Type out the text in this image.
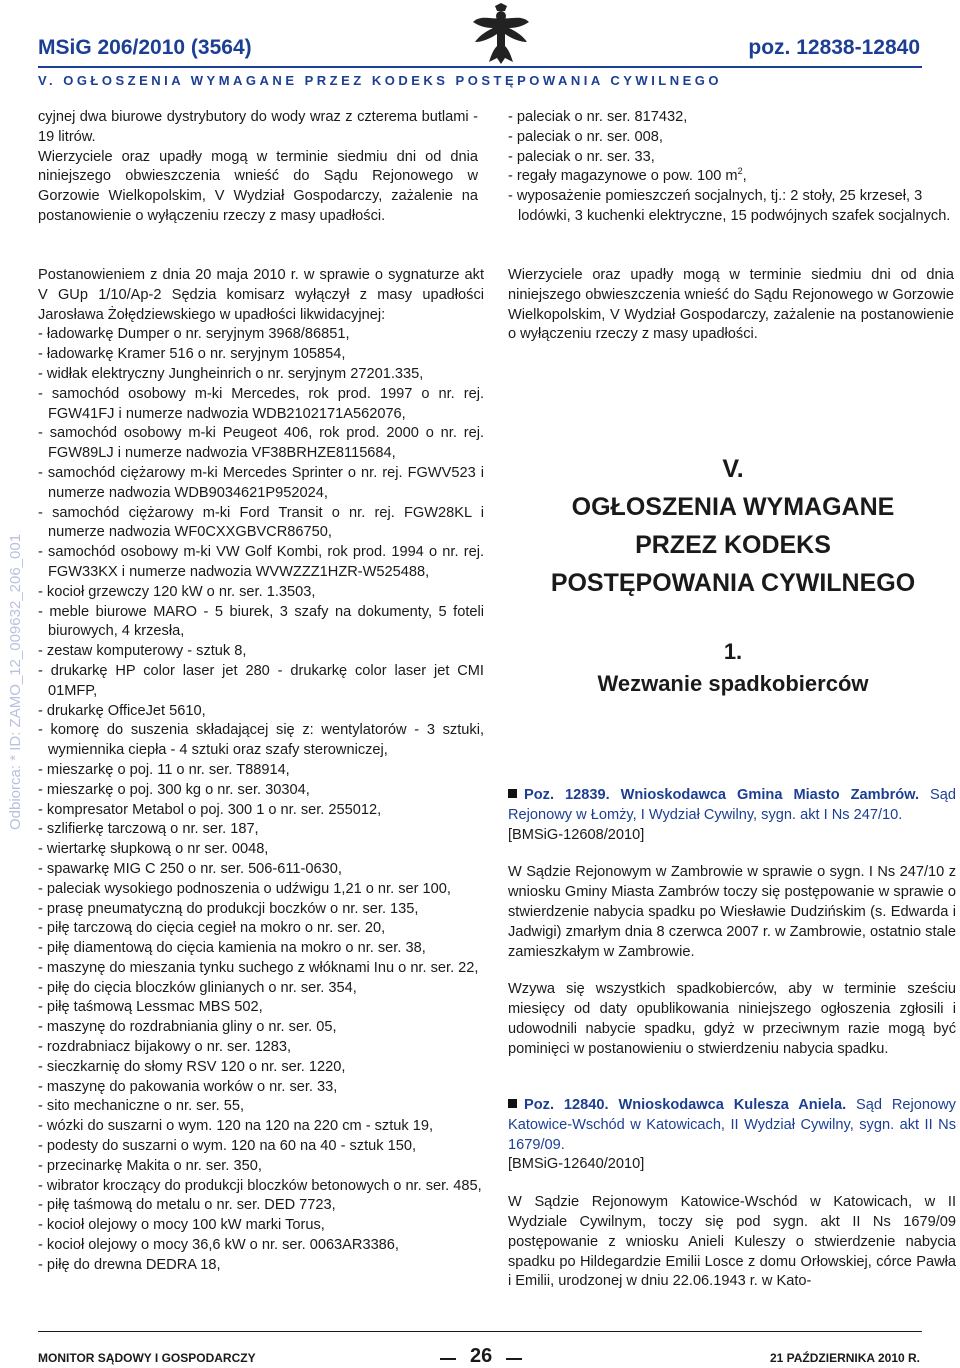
MSiG 206/2010 (3564)	poz. 12838-12840
V. OGŁOSZENIA WYMAGANE PRZEZ KODEKS POSTĘPOWANIA CYWILNEGO
Odbiorca: * ID: ZAMO_12_009632_206_001

cyjnej dwa biurowe dystrybutory do wody wraz z czterema butlami - 19 litrów.

Wierzyciele oraz upadły mogą w terminie siedmiu dni od dnia niniejszego obwieszczenia wnieść do Sądu Rejonowego w Gorzowie Wielkopolskim, V Wydział Gospodarczy, zażalenie na postanowienie o wyłączeniu rzeczy z masy upadłości.

Postanowieniem z dnia 20 maja 2010 r. w sprawie o sygnaturze akt V GUp 1/10/Ap-2 Sędzia komisarz wyłączył z masy upadłości Jarosława Żołędziewskiego w upadłości likwidacyjnej:

- ładowarkę Dumper o nr. seryjnym 3968/86851,
- ładowarkę Kramer 516 o nr. seryjnym 105854,
- widłak elektryczny Jungheinrich o nr. seryjnym 27201.335,
- samochód osobowy m-ki Mercedes, rok prod. 1997 o nr. rej. FGW41FJ i numerze nadwozia WDB2102171A562076,
- samochód osobowy m-ki Peugeot 406, rok prod. 2000 o nr. rej. FGW89LJ i numerze nadwozia VF38BRHZE8115684,
- samochód ciężarowy m-ki Mercedes Sprinter o nr. rej. FGWV523 i numerze nadwozia WDB9034621P952024,
- samochód ciężarowy m-ki Ford Transit o nr. rej. FGW28KL i numerze nadwozia WF0CXXGBVCR86750,
- samochód osobowy m-ki VW Golf Kombi, rok prod. 1994 o nr. rej. FGW33KX i numerze nadwozia WVWZZZ1HZR-W525488,
- kocioł grzewczy 120 kW o nr. ser. 1.3503,
- meble biurowe MARO - 5 biurek, 3 szafy na dokumenty, 5 foteli biurowych, 4 krzesła,
- zestaw komputerowy - sztuk 8,
- drukarkę HP color laser jet 280 - drukarkę color laser jet CMI 01MFP,
- drukarkę OfficeJet 5610,
- komorę do suszenia składającej się z: wentylatorów - 3 sztuki, wymiennika ciepła - 4 sztuki oraz szafy sterowniczej,
- mieszarkę o poj. 11 o nr. ser. T88914,
- mieszarkę o poj. 300 kg o nr. ser. 30304,
- kompresator Metabol o poj. 300 1 o nr. ser. 255012,
- szlifierkę tarczową o nr. ser. 187,
- wiertarkę słupkową o nr ser. 0048,
- spawarkę MIG C 250 o nr. ser. 506-611-0630,
- paleciak wysokiego podnoszenia o udźwigu 1,21 o nr. ser 100,
- prasę pneumatyczną do produkcji boczków o nr. ser. 135,
- piłę tarczową do cięcia cegieł na mokro o nr. ser. 20,
- piłę diamentową do cięcia kamienia na mokro o nr. ser. 38,
- maszynę do mieszania tynku suchego z włóknami Inu o nr. ser. 22,
- piłę do cięcia bloczków glinianych o nr. ser. 354,
- piłę taśmową Lessmac MBS 502,
- maszynę do rozdrabniania gliny o nr. ser. 05,
- rozdrabniacz bijakowy o nr. ser. 1283,
- sieczkarnię do słomy RSV 120 o nr. ser. 1220,
- maszynę do pakowania worków o nr. ser. 33,
- sito mechaniczne o nr. ser. 55,
- wózki do suszarni o wym. 120 na 120 na 220 cm - sztuk 19,
- podesty do suszarni o wym. 120 na 60 na 40 - sztuk 150,
- przecinarkę Makita o nr. ser. 350,
- wibrator kroczący do produkcji bloczków betonowych o nr. ser. 485,
- piłę taśmową do metalu o nr. ser. DED 7723,
- kocioł olejowy o mocy 100 kW marki Torus,
- kocioł olejowy o mocy 36,6 kW o nr. ser. 0063AR3386,
- piłę do drewna DEDRA 18,
- paleciak o nr. ser. 817432,
- paleciak o nr. ser. 008,
- paleciak o nr. ser. 33,
- regały magazynowe o pow. 100 $m^2$,
- wyposażenie pomieszczeń socjalnych, tj.: 2 stoły, 25 krzeseł, 3 lodówki, 3 kuchenki elektryczne, 15 podwójnych szafek socjalnych.

Wierzyciele oraz upadły mogą w terminie siedmiu dni od dnia niniejszego obwieszczenia wnieść do Sądu Rejonowego w Gorzowie Wielkopolskim, V Wydział Gospodarczy, zażalenie na postanowienie o wyłączeniu rzeczy z masy upadłości.

V.
OGŁOSZENIA WYMAGANE
PRZEZ KODEKS
POSTĘPOWANIA CYWILNEGO
1.
Wezwanie spadkobierców

Poz. 12839. Wnioskodawca Gmina Miasto Zambrów. Sąd Rejonowy w Łomży, I Wydział Cywilny, sygn. akt I Ns 247/10.

[BMSiG-12608/2010]

W Sądzie Rejonowym w Zambrowie w sprawie o sygn. I Ns 247/10 z wniosku Gminy Miasta Zambrów toczy się postępowanie w sprawie o stwierdzenie nabycia spadku po Wiesławie Dudzińskim (s. Edwarda i Jadwigi) zmarłym dnia 8 czerwca 2007 r. w Zambrowie, ostatnio stale zamieszkałym w Zambrowie.

Wzywa się wszystkich spadkobierców, aby w terminie sześciu miesięcy od daty opublikowania niniejszego ogłoszenia zgłosili i udowodnili nabycie spadku, gdyż w przeciwnym razie mogą być pominięci w postanowieniu o stwierdzeniu nabycia spadku.

Poz. 12840. Wnioskodawca Kulesza Aniela. Sąd Rejonowy Katowice-Wschód w Katowicach, II Wydział Cywilny, sygn. akt II Ns 1679/09.

[BMSiG-12640/2010]

W Sądzie Rejonowym Katowice-Wschód w Katowicach, w II Wydziale Cywilnym, toczy się pod sygn. akt II Ns 1679/09 postępowanie z wniosku Anieli Kuleszy o stwierdzenie nabycia spadku po Hildegardzie Emilii Losce z domu Orłowskiej, córce Pawła i Emilii, urodzonej w dniu 22.06.1943 r. w Kato-

MONITOR SĄDOWY I GOSPODARCZY	26	21 PAŹDZIERNIKA 2010 R.
